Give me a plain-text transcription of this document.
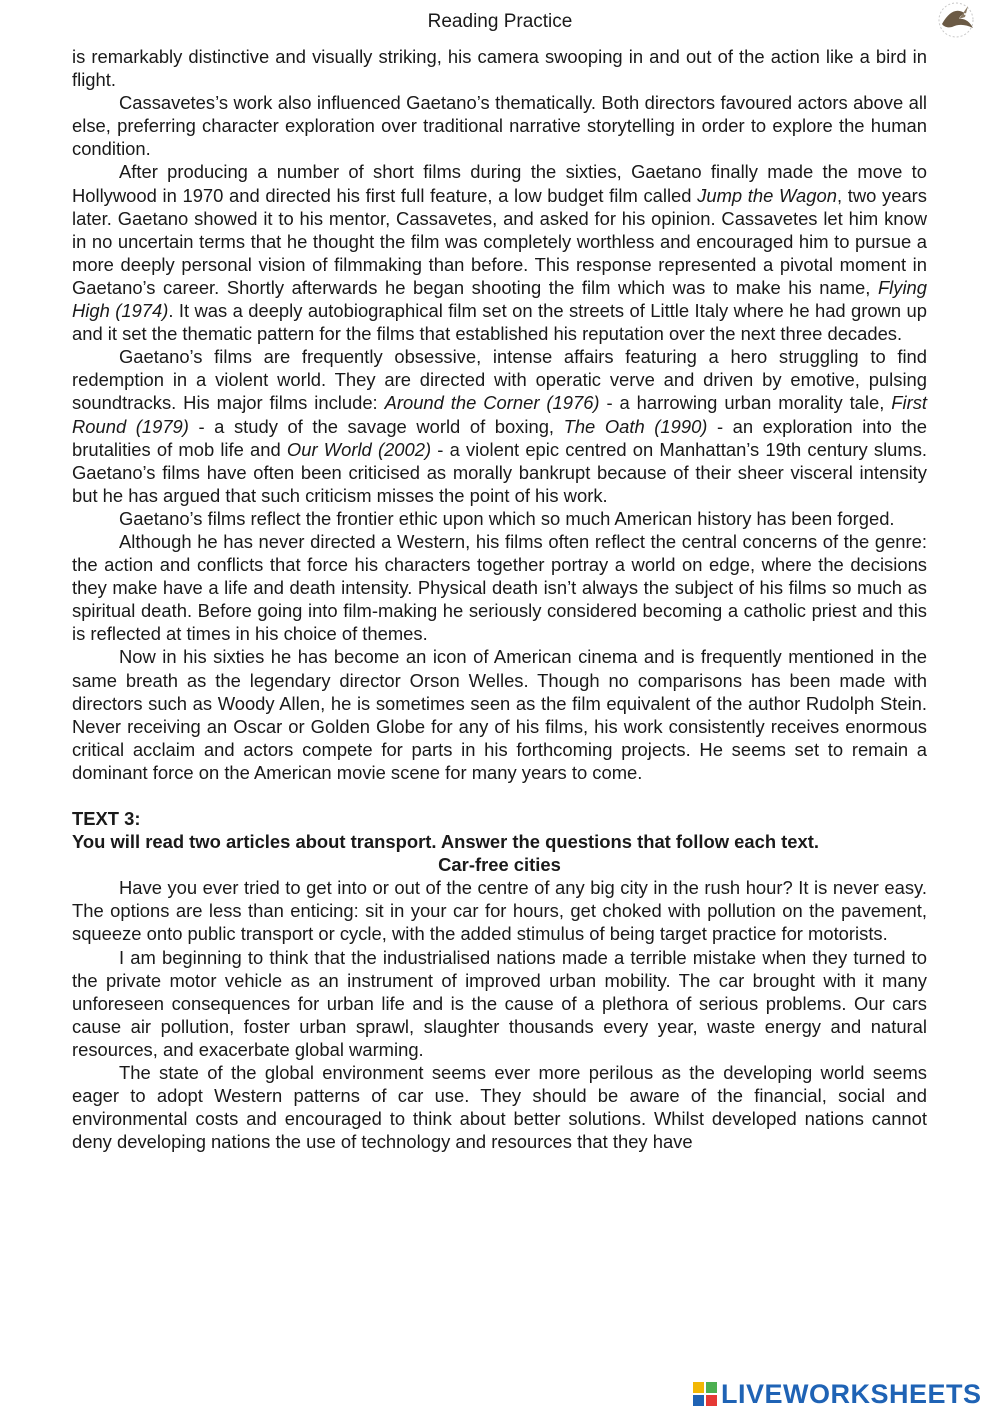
Reading Practice

is remarkably distinctive and visually striking, his camera swooping in and out of the action like a bird in flight.

Cassavetes’s work also influenced Gaetano’s thematically. Both directors favoured actors above all else, preferring character exploration over traditional narrative storytelling in order to explore the human condition.

After producing a number of short films during the sixties, Gaetano finally made the move to Hollywood in 1970 and directed his first full feature, a low budget film called Jump the Wagon, two years later. Gaetano showed it to his mentor, Cassavetes, and asked for his opinion. Cassavetes let him know in no uncertain terms that he thought the film was completely worthless and encouraged him to pursue a more deeply personal vision of filmmaking than before. This response represented a pivotal moment in Gaetano’s career. Shortly afterwards he began shooting the film which was to make his name, Flying High (1974). It was a deeply autobiographical film set on the streets of Little Italy where he had grown up and it set the thematic pattern for the films that established his reputation over the next three decades.

Gaetano’s films are frequently obsessive, intense affairs featuring a hero struggling to find redemption in a violent world. They are directed with operatic verve and driven by emotive, pulsing soundtracks. His major films include: Around the Corner (1976) - a harrowing urban morality tale, First Round (1979) - a study of the savage world of boxing, The Oath (1990) - an exploration into the brutalities of mob life and Our World (2002) - a violent epic centred on Manhattan’s 19th century slums. Gaetano’s films have often been criticised as morally bankrupt because of their sheer visceral intensity but he has argued that such criticism misses the point of his work.

Gaetano’s films reflect the frontier ethic upon which so much American history has been forged.

Although he has never directed a Western, his films often reflect the central concerns of the genre: the action and conflicts that force his characters together portray a world on edge, where the decisions they make have a life and death intensity. Physical death isn’t always the subject of his films so much as spiritual death. Before going into film-making he seriously considered becoming a catholic priest and this is reflected at times in his choice of themes.

Now in his sixties he has become an icon of American cinema and is frequently mentioned in the same breath as the legendary director Orson Welles. Though no comparisons has been made with directors such as Woody Allen, he is sometimes seen as the film equivalent of the author Rudolph Stein. Never receiving an Oscar or Golden Globe for any of his films, his work consistently receives enormous critical acclaim and actors compete for parts in his forthcoming projects. He seems set to remain a dominant force on the American movie scene for many years to come.

TEXT 3:

You will read two articles about transport. Answer the questions that follow each text.

Car-free cities

Have you ever tried to get into or out of the centre of any big city in the rush hour? It is never easy. The options are less than enticing: sit in your car for hours, get choked with pollution on the pavement, squeeze onto public transport or cycle, with the added stimulus of being target practice for motorists.

I am beginning to think that the industrialised nations made a terrible mistake when they turned to the private motor vehicle as an instrument of improved urban mobility. The car brought with it many unforeseen consequences for urban life and is the cause of a plethora of serious problems. Our cars cause air pollution, foster urban sprawl, slaughter thousands every year, waste energy and natural resources, and exacerbate global warming.

The state of the global environment seems ever more perilous as the developing world seems eager to adopt Western patterns of car use. They should be aware of the financial, social and environmental costs and encouraged to think about better solutions. Whilst developed nations cannot deny developing nations the use of technology and resources that they have

LIVEWORKSHEETS
